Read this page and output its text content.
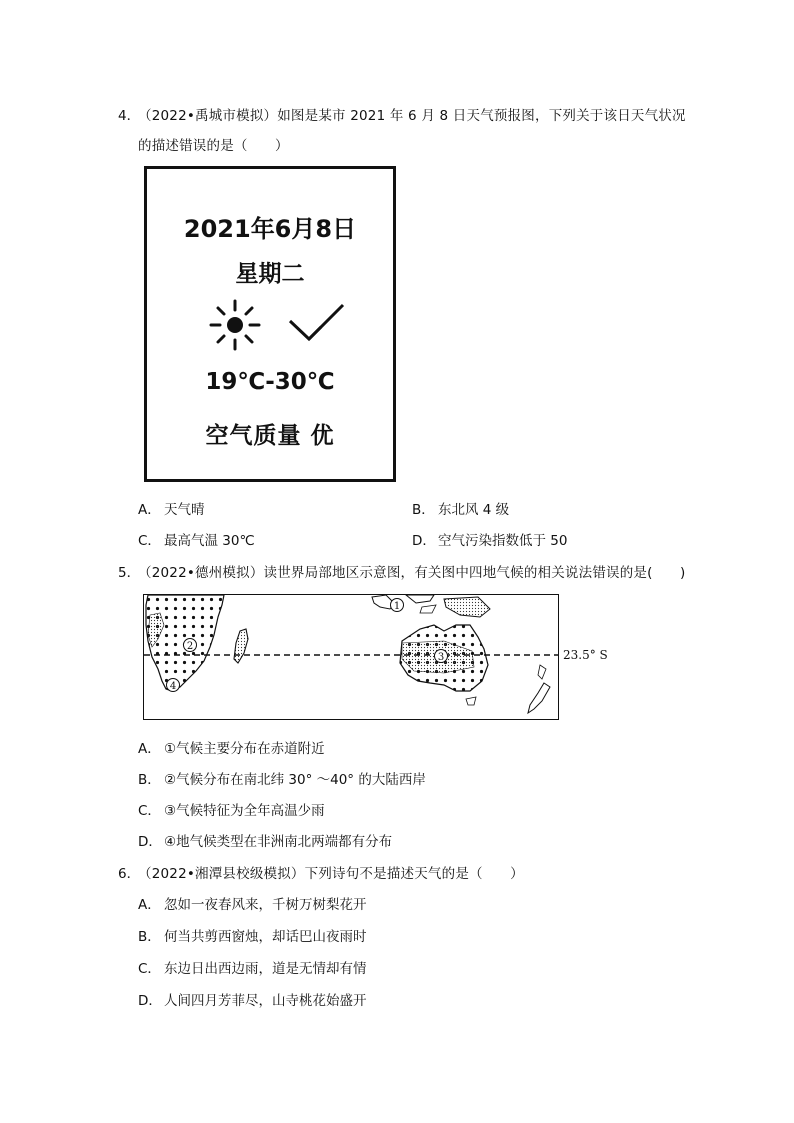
4．
（2022•禹城市模拟）如图是某市 2021 年 6 月 8 日天气预报图，下列关于该日天气状况
的描述错误的是（　　）
2021年6月8日
星期二
19℃-30℃
空气质量 优
A． 天气晴	B． 东北风 4 级
C． 最高气温 30℃	D． 空气污染指数低于 50
5．
（2022•德州模拟）读世界局部地区示意图，有关图中四地气候的相关说法错误的是(　　)
1
2
3
4
23.5° S
A． ①气候主要分布在赤道附近
B． ②气候分布在南北纬 30° ～40° 的大陆西岸
C． ③气候特征为全年高温少雨
D． ④地气候类型在非洲南北两端都有分布
6．
（2022•湘潭县校级模拟）下列诗句不是描述天气的是（　　）
A． 忽如一夜春风来，千树万树梨花开
B． 何当共剪西窗烛，却话巴山夜雨时
C． 东边日出西边雨，道是无情却有情
D． 人间四月芳菲尽，山寺桃花始盛开
